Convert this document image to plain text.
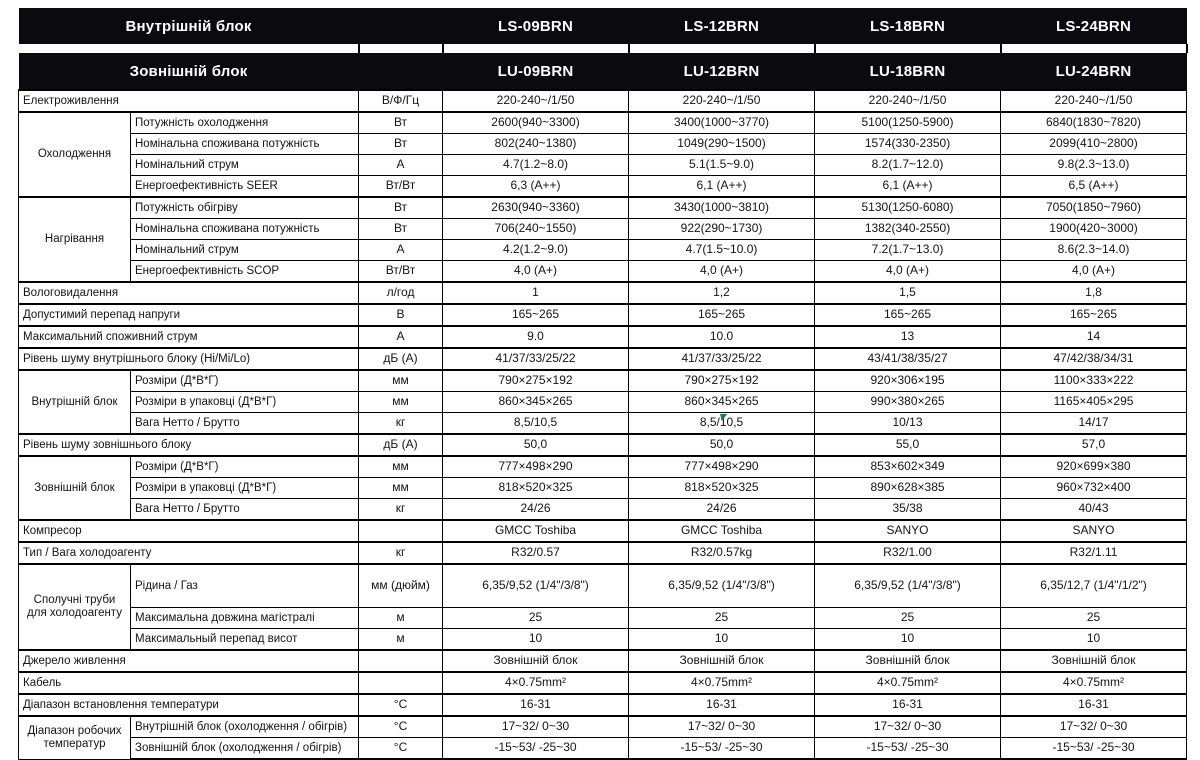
Внутрішній блок			LS-09BRN	LS-12BRN	LS-18BRN	LS-24BRN

Зовнішній блок			LU-09BRN	LU-12BRN	LU-18BRN	LU-24BRN
Електроживлення		В/Ф/Гц	220-240~/1/50	220-240~/1/50	220-240~/1/50	220-240~/1/50
Охолодження	Потужність охолодження	Вт	2600(940~3300)	3400(1000~3770)	5100(1250-5900)	6840(1830~7820)
	Номінальна споживана потужність	Вт	802(240~1380)	1049(290~1500)	1574(330-2350)	2099(410~2800)
	Номінальний струм	А	4.7(1.2~8.0)	5.1(1.5~9.0)	8.2(1.7~12.0)	9.8(2.3~13.0)
	Енергоефективність SEER	Вт/Вт	6,3 (A++)	6,1 (A++)	6,1 (A++)	6,5 (A++)
Нагрівання	Потужність обігріву	Вт	2630(940~3360)	3430(1000~3810)	5130(1250-6080)	7050(1850~7960)
	Номінальна споживана потужність	Вт	706(240~1550)	922(290~1730)	1382(340-2550)	1900(420~3000)
	Номінальний струм	А	4.2(1.2~9.0)	4.7(1.5~10.0)	7.2(1.7~13.0)	8.6(2.3~14.0)
	Енергоефективність SCOP	Вт/Вт	4,0 (A+)	4,0 (A+)	4,0 (A+)	4,0 (A+)
Вологовидалення		л/год	1	1,2	1,5	1,8
Допустимий перепад напруги		В	165~265	165~265	165~265	165~265
Максимальний споживний струм		А	9.0	10.0	13	14
Рівень шуму внутрішнього блоку (Hi/Mi/Lo)		дБ (А)	41/37/33/25/22	41/37/33/25/22	43/41/38/35/27	47/42/38/34/31
Внутрішній блок	Розміри (Д*В*Г)	мм	790×275×192	790×275×192	920×306×195	1100×333×222
	Розміри в упаковці (Д*В*Г)	мм	860×345×265	860×345×265	990×380×265	1165×405×295
	Вага Нетто / Брутто	кг	8,5/10,5	8,5/10,5	10/13	14/17
Рівень шуму зовнішнього блоку		дБ (А)	50,0	50,0	55,0	57,0
Зовнішній блок	Розміри (Д*В*Г)	мм	777×498×290	777×498×290	853×602×349	920×699×380
	Розміри в упаковці (Д*В*Г)	мм	818×520×325	818×520×325	890×628×385	960×732×400
	Вага Нетто / Брутто	кг	24/26	24/26	35/38	40/43
Компресор			GMCC Toshiba	GMCC Toshiba	SANYO	SANYO
Тип / Вага холодоагенту		кг	R32/0.57	R32/0.57kg	R32/1.00	R32/1.11
Сполучні труби для холодоагенту	Рідина / Газ	мм (дюйм)	6,35/9,52 (1/4"/3/8")	6,35/9,52 (1/4"/3/8")	6,35/9,52 (1/4"/3/8")	6,35/12,7 (1/4"/1/2")
	Максимальна довжина магістралі	м	25	25	25	25
	Максимальный перепад висот	м	10	10	10	10
Джерело живлення			Зовнішній блок	Зовнішній блок	Зовнішній блок	Зовнішній блок
Кабель			4×0.75mm²	4×0.75mm²	4×0.75mm²	4×0.75mm²
Діапазон встановлення температури		°С	16-31	16-31	16-31	16-31
Діапазон робочих температур	Внутрішній блок (охолодження / обігрів)	°С	17~32/ 0~30	17~32/ 0~30	17~32/ 0~30	17~32/ 0~30
	Зовнішній блок (охолодження / обігрів)	°С	-15~53/ -25~30	-15~53/ -25~30	-15~53/ -25~30	-15~53/ -25~30
